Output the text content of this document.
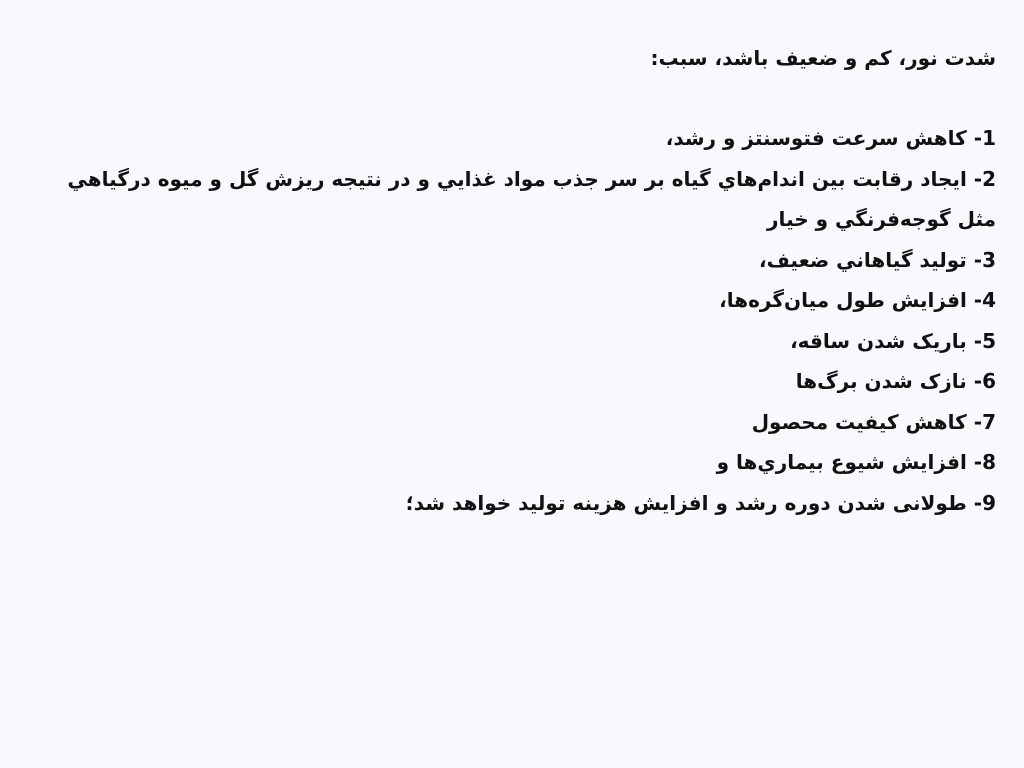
شدت نور، کم و ضعيف باشد، سبب:

1- کاهش سرعت فتوسنتز و رشد،
2- ايجاد رقابت بين اندام‌هاي گياه بر سر جذب مواد غذايي و در نتيجه ريزش گل و ميوه درگياهي مثل گوجه‌فرنگي و خيار
3- توليد گياهاني ضعيف،
4- افزايش طول ميان‌گره‌ها،
5- باريک شدن ساقه،
6- نازک شدن برگ‌ها
7- کاهش کيفيت محصول
8- افزايش شيوع بيماري‌ها و
9- طولانی شدن دوره رشد و افزايش هزينه توليد خواهد شد؛
